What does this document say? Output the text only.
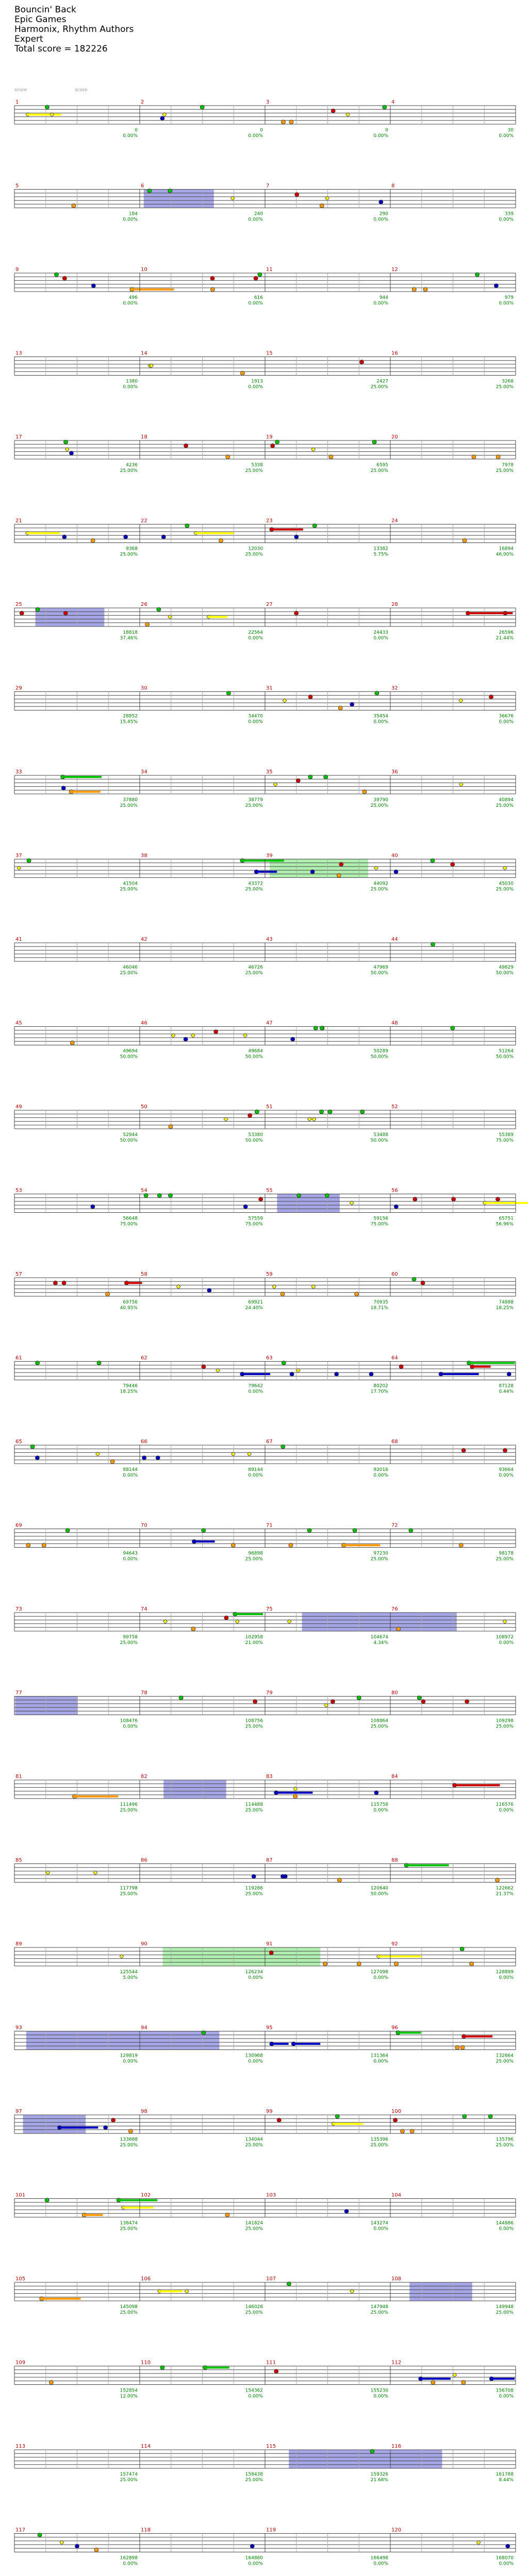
Bouncin' Back
Epic Games
Harmonix, Rhythm Authors
Expert
Total score = 182226
score	score
1
0
0.00%
2
0
0.00%
3
0
0.00%
4
30
0.00%
5
184
0.00%
6
240
0.00%
7
290
0.00%
8
339
0.00%
9
496
0.00%
10
616
0.00%
11
944
0.00%
12
979
0.00%
13
1380
0.00%
14
1913
0.00%
15
2427
25.00%
16
3268
25.00%
17
4236
25.00%
18
5338
25.00%
19
6595
25.00%
20
7978
25.00%
21
9368
25.00%
22
12030
25.00%
23
13382
5.75%
24
16894
46.00%
25
18818
37.46%
26
22564
0.00%
27
24433
0.00%
28
26596
21.44%
29
28852
15.45%
30
34470
0.00%
31
35454
0.00%
32
36676
0.00%
33
37880
25.00%
34
38779
25.00%
35
39790
25.00%
36
40894
25.00%
37
41504
25.00%
38
43372
25.00%
39
44092
25.00%
40
45030
25.00%
41
46046
25.00%
42
46726
25.00%
43
47969
50.00%
44
49829
50.00%
45
49694
50.00%
46
49684
50.00%
47
50289
50.00%
48
51264
50.00%
49
52944
50.00%
50
53380
50.00%
51
53488
50.00%
52
55389
75.00%
53
56648
75.00%
54
57559
75.00%
55
59156
75.00%
56
65751
56.96%
57
69756
40.95%
58
69921
24.40%
59
70935
19.71%
60
74888
18.25%
61
79446
18.25%
62
79642
0.00%
63
80202
17.70%
64
87128
0.44%
65
88144
0.00%
66
89144
0.00%
67
92016
0.00%
68
93664
0.00%
69
94643
0.00%
70
96898
25.00%
71
97230
25.00%
72
98178
25.00%
73
99758
25.00%
74
102958
21.00%
75
104674
4.34%
76
108972
0.00%
77
108476
0.00%
78
108756
25.00%
79
108864
25.00%
80
109298
25.00%
81
111496
25.00%
82
114488
25.00%
83
115758
0.00%
84
116576
0.00%
85
117798
25.00%
86
119286
25.00%
87
120640
50.00%
88
122662
21.37%
89
125544
5.00%
90
126234
0.00%
91
127098
0.00%
92
128899
0.00%
93
129819
0.00%
94
130968
0.00%
95
131364
0.00%
96
132664
25.00%
97
133688
25.00%
98
134044
25.00%
99
135396
25.00%
100
135796
25.00%
101
138474
25.00%
102
141824
25.00%
103
143274
0.00%
104
144886
0.00%
105
145098
25.00%
106
146028
25.00%
107
147948
25.00%
108
149948
25.00%
109
152854
12.00%
110
154362
0.00%
111
155230
0.00%
112
156708
0.00%
113
157474
25.00%
114
158438
25.00%
115
159326
21.68%
116
161788
8.44%
117
162898
0.00%
118
164880
0.00%
119
166498
0.00%
120
168070
0.00%
